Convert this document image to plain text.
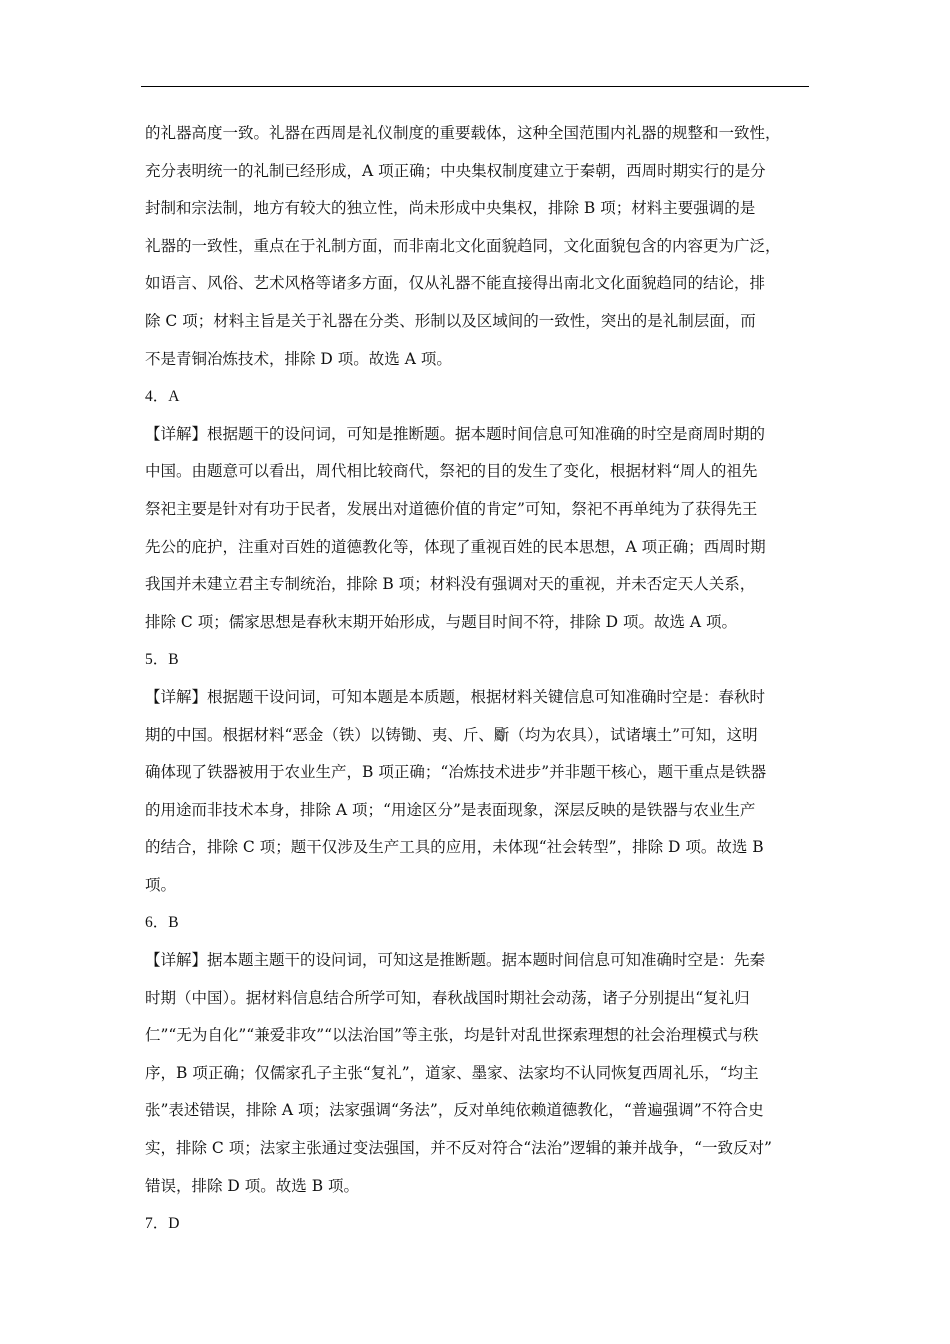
的礼器高度一致。礼器在西周是礼仪制度的重要载体，这种全国范围内礼器的规整和一致性，

充分表明统一的礼制已经形成，A 项正确；中央集权制度建立于秦朝，西周时期实行的是分

封制和宗法制，地方有较大的独立性，尚未形成中央集权，排除 B 项；材料主要强调的是

礼器的一致性，重点在于礼制方面，而非南北文化面貌趋同，文化面貌包含的内容更为广泛，

如语言、风俗、艺术风格等诸多方面，仅从礼器不能直接得出南北文化面貌趋同的结论，排

除 C 项；材料主旨是关于礼器在分类、形制以及区域间的一致性，突出的是礼制层面，而

不是青铜冶炼技术，排除 D 项。故选 A 项。

4．A

【详解】根据题干的设问词，可知是推断题。据本题时间信息可知准确的时空是商周时期的

中国。由题意可以看出，周代相比较商代，祭祀的目的发生了变化，根据材料“周人的祖先

祭祀主要是针对有功于民者，发展出对道德价值的肯定”可知，祭祀不再单纯为了获得先王

先公的庇护，注重对百姓的道德教化等，体现了重视百姓的民本思想，A 项正确；西周时期

我国并未建立君主专制统治，排除 B 项；材料没有强调对天的重视，并未否定天人关系，

排除 C 项；儒家思想是春秋末期开始形成，与题目时间不符，排除 D 项。故选 A 项。

5．B

【详解】根据题干设问词，可知本题是本质题，根据材料关键信息可知准确时空是：春秋时

期的中国。根据材料“恶金（铁）以铸锄、夷、斤、斸（均为农具），试诸壤土”可知，这明

确体现了铁器被用于农业生产，B 项正确；“冶炼技术进步”并非题干核心，题干重点是铁器

的用途而非技术本身，排除 A 项；“用途区分”是表面现象，深层反映的是铁器与农业生产

的结合，排除 C 项；题干仅涉及生产工具的应用，未体现“社会转型”，排除 D 项。故选 B

项。

6．B

【详解】据本题主题干的设问词，可知这是推断题。据本题时间信息可知准确时空是：先秦

时期（中国）。据材料信息结合所学可知，春秋战国时期社会动荡，诸子分别提出“复礼归

仁”“无为自化”“兼爱非攻”“以法治国”等主张，均是针对乱世探索理想的社会治理模式与秩

序，B 项正确；仅儒家孔子主张“复礼”，道家、墨家、法家均不认同恢复西周礼乐，“均主

张”表述错误，排除 A 项；法家强调“务法”，反对单纯依赖道德教化，“普遍强调”不符合史

实，排除 C 项；法家主张通过变法强国，并不反对符合“法治”逻辑的兼并战争，“一致反对”

错误，排除 D 项。故选 B 项。

7．D
